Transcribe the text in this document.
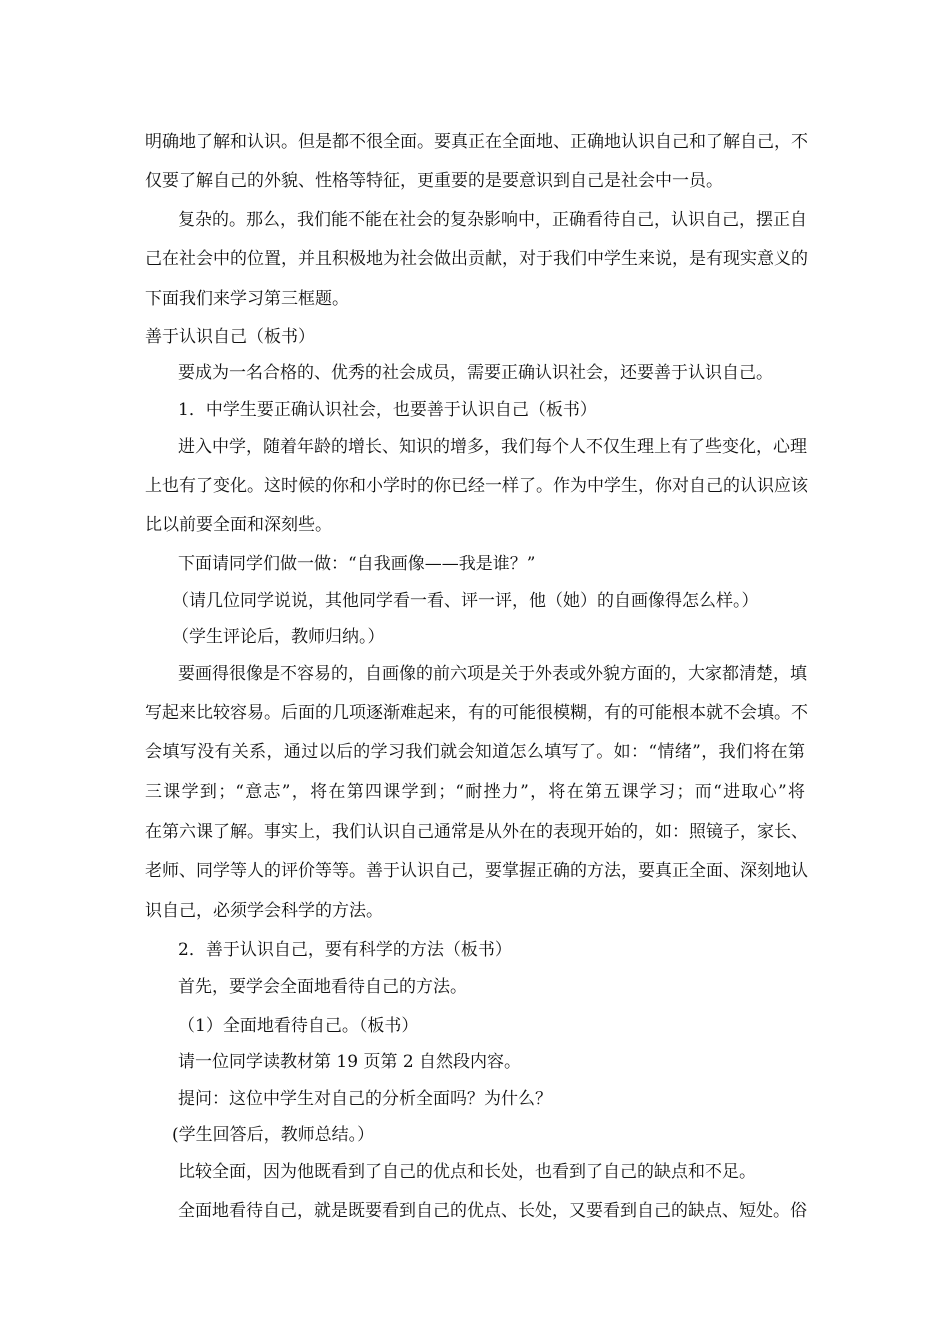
明确地了解和认识。但是都不很全面。要真正在全面地、正确地认识自己和了解自己，不
仅要了解自己的外貌、性格等特征，更重要的是要意识到自己是社会中一员。
复杂的。那么，我们能不能在社会的复杂影响中，正确看待自己，认识自己，摆正自
己在社会中的位置，并且积极地为社会做出贡献，对于我们中学生来说，是有现实意义的
下面我们来学习第三框题。
善于认识自己（板书）
要成为一名合格的、优秀的社会成员，需要正确认识社会，还要善于认识自己。
1．中学生要正确认识社会，也要善于认识自己（板书）
进入中学，随着年龄的增长、知识的增多，我们每个人不仅生理上有了些变化，心理
上也有了变化。这时候的你和小学时的你已经一样了。作为中学生，你对自己的认识应该
比以前要全面和深刻些。
下面请同学们做一做：“自我画像——我是谁？”
（请几位同学说说，其他同学看一看、评一评，他（她）的自画像得怎么样。）
（学生评论后，教师归纳。）
要画得很像是不容易的，自画像的前六项是关于外表或外貌方面的，大家都清楚，填
写起来比较容易。后面的几项逐渐难起来，有的可能很模糊，有的可能根本就不会填。不
会填写没有关系，通过以后的学习我们就会知道怎么填写了。如：“情绪”，我们将在第
三课学到；“意志”，将在第四课学到；“耐挫力”，将在第五课学习；而“进取心”将
在第六课了解。事实上，我们认识自己通常是从外在的表现开始的，如：照镜子，家长、
老师、同学等人的评价等等。善于认识自己，要掌握正确的方法，要真正全面、深刻地认
识自己，必须学会科学的方法。
2．善于认识自己，要有科学的方法（板书）
首先，要学会全面地看待自己的方法。
（1）全面地看待自己。（板书）
请一位同学读教材第 19 页第 2 自然段内容。
提问：这位中学生对自己的分析全面吗？为什么？
(学生回答后，教师总结。）
比较全面，因为他既看到了自己的优点和长处，也看到了自己的缺点和不足。
全面地看待自己，就是既要看到自己的优点、长处，又要看到自己的缺点、短处。俗
